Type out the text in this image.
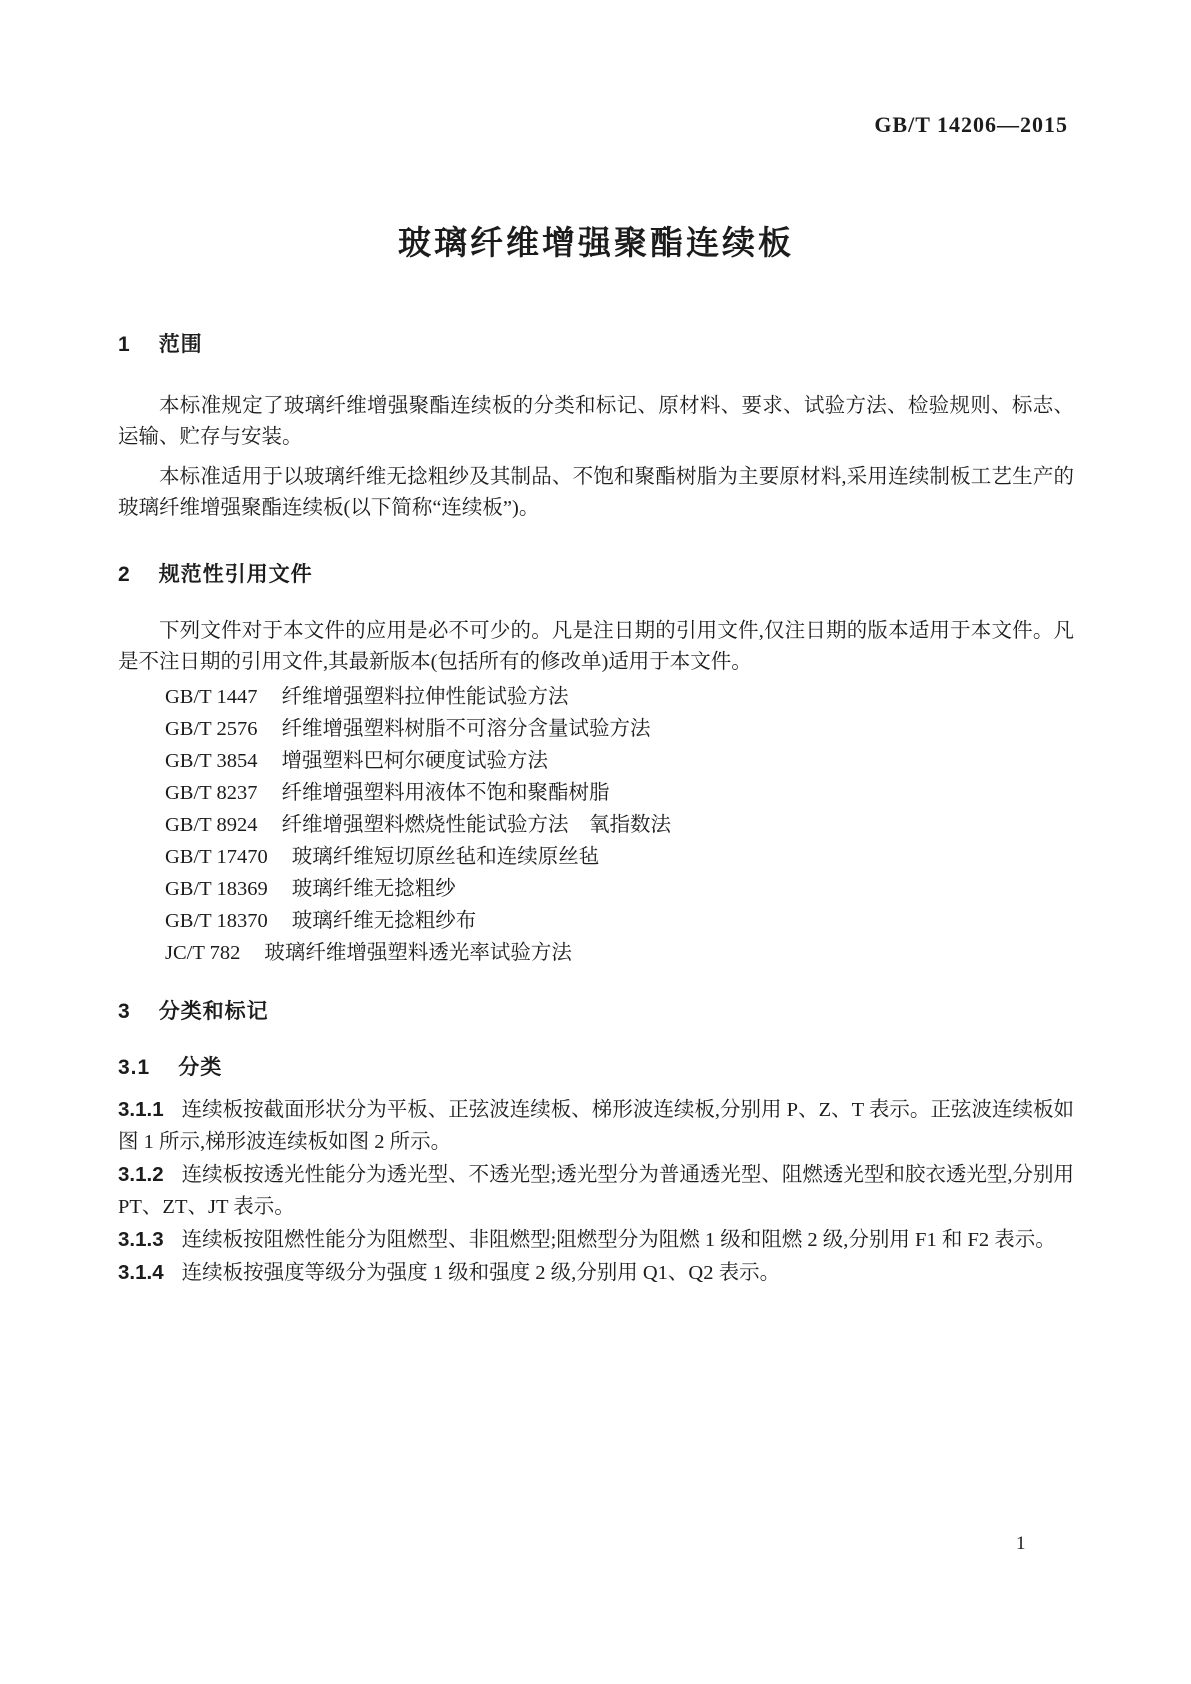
GB/T 14206—2015
玻璃纤维增强聚酯连续板
1 范围

本标准规定了玻璃纤维增强聚酯连续板的分类和标记、原材料、要求、试验方法、检验规则、标志、运输、贮存与安装。

本标准适用于以玻璃纤维无捻粗纱及其制品、不饱和聚酯树脂为主要原材料,采用连续制板工艺生产的玻璃纤维增强聚酯连续板(以下简称“连续板”)。

2 规范性引用文件

下列文件对于本文件的应用是必不可少的。凡是注日期的引用文件,仅注日期的版本适用于本文件。凡是不注日期的引用文件,其最新版本(包括所有的修改单)适用于本文件。

GB/T 1447 纤维增强塑料拉伸性能试验方法
GB/T 2576 纤维增强塑料树脂不可溶分含量试验方法
GB/T 3854 增强塑料巴柯尔硬度试验方法
GB/T 8237 纤维增强塑料用液体不饱和聚酯树脂
GB/T 8924 纤维增强塑料燃烧性能试验方法　氧指数法
GB/T 17470 玻璃纤维短切原丝毡和连续原丝毡
GB/T 18369 玻璃纤维无捻粗纱
GB/T 18370 玻璃纤维无捻粗纱布
JC/T 782 玻璃纤维增强塑料透光率试验方法
3 分类和标记
3.1 分类

3.1.1 连续板按截面形状分为平板、正弦波连续板、梯形波连续板,分别用 P、Z、T 表示。正弦波连续板如图 1 所示,梯形波连续板如图 2 所示。

3.1.2 连续板按透光性能分为透光型、不透光型;透光型分为普通透光型、阻燃透光型和胶衣透光型,分别用 PT、ZT、JT 表示。

3.1.3 连续板按阻燃性能分为阻燃型、非阻燃型;阻燃型分为阻燃 1 级和阻燃 2 级,分别用 F1 和 F2 表示。

3.1.4 连续板按强度等级分为强度 1 级和强度 2 级,分别用 Q1、Q2 表示。

1
